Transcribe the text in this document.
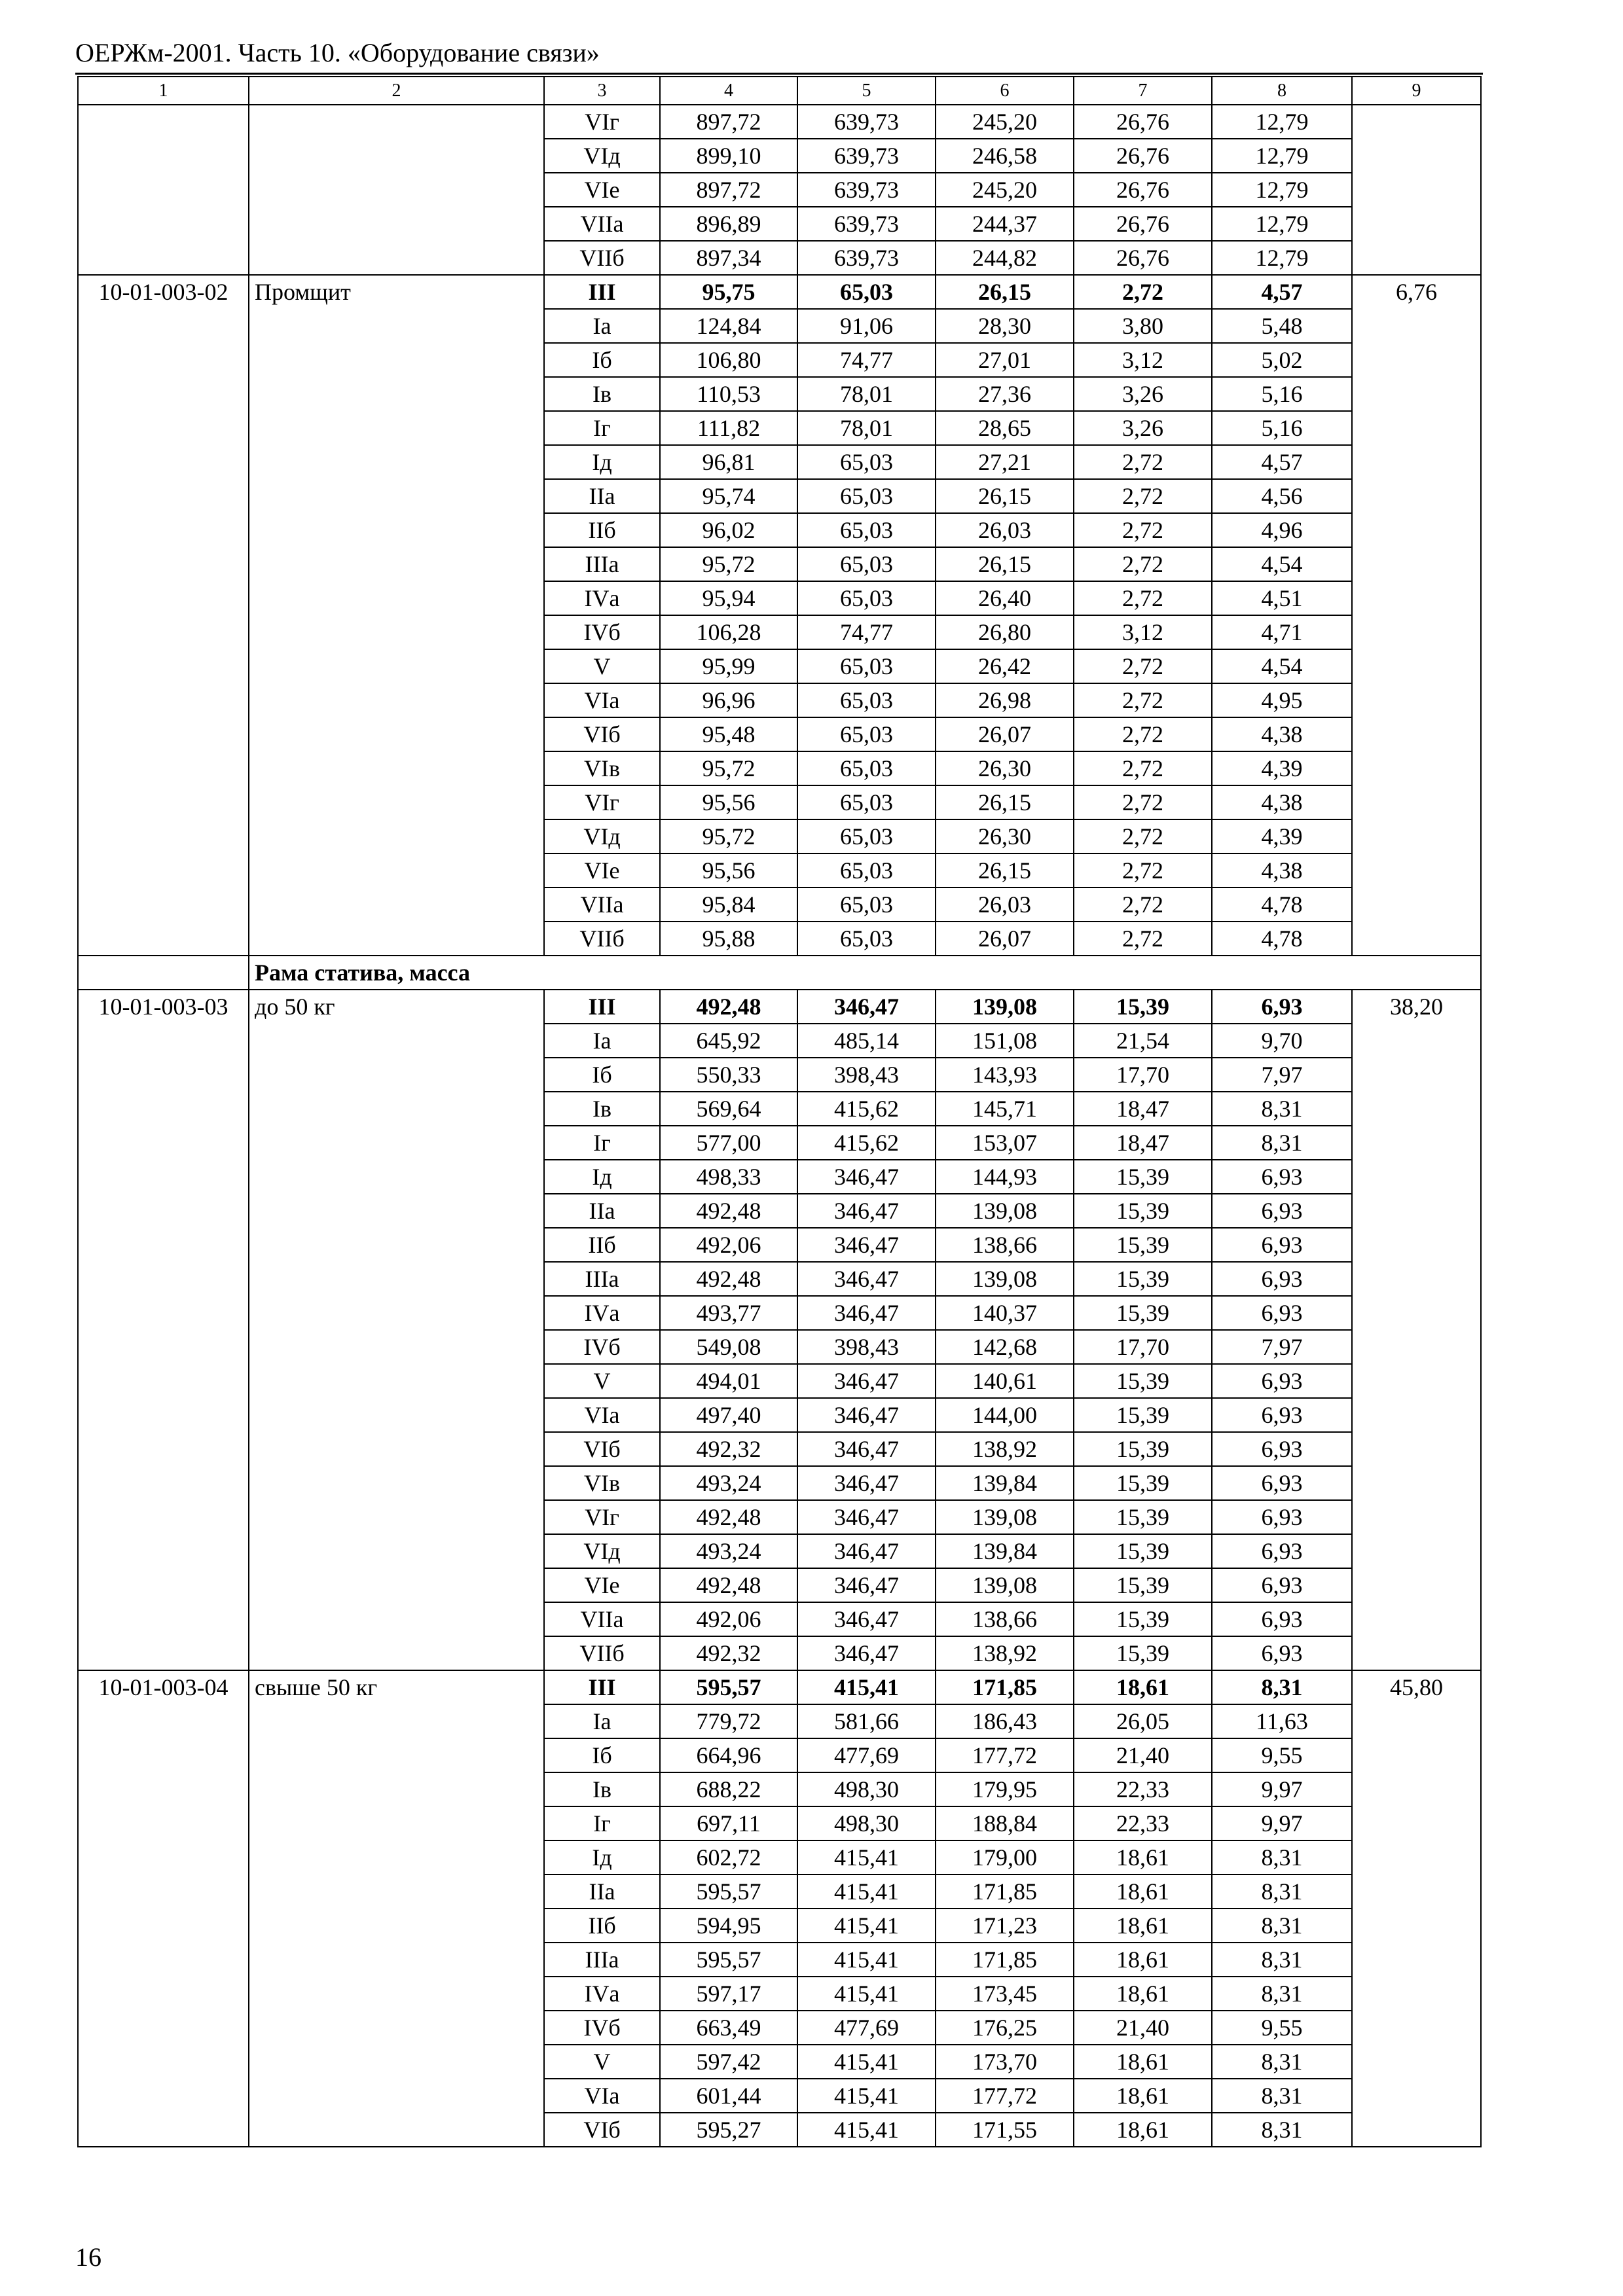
ОЕРЖм-2001. Часть 10. «Оборудование связи»
1	2	3	4	5	6	7	8	9
		VIг	897,72	639,73	245,20	26,76	12,79	
		VIд	899,10	639,73	246,58	26,76	12,79	
		VIе	897,72	639,73	245,20	26,76	12,79	
		VIIа	896,89	639,73	244,37	26,76	12,79	
		VIIб	897,34	639,73	244,82	26,76	12,79	
10-01-003-02	Промщит	III	95,75	65,03	26,15	2,72	4,57	6,76
		Iа	124,84	91,06	28,30	3,80	5,48	
		Iб	106,80	74,77	27,01	3,12	5,02	
		Iв	110,53	78,01	27,36	3,26	5,16	
		Iг	111,82	78,01	28,65	3,26	5,16	
		Iд	96,81	65,03	27,21	2,72	4,57	
		IIа	95,74	65,03	26,15	2,72	4,56	
		IIб	96,02	65,03	26,03	2,72	4,96	
		IIIа	95,72	65,03	26,15	2,72	4,54	
		IVа	95,94	65,03	26,40	2,72	4,51	
		IVб	106,28	74,77	26,80	3,12	4,71	
		V	95,99	65,03	26,42	2,72	4,54	
		VIа	96,96	65,03	26,98	2,72	4,95	
		VIб	95,48	65,03	26,07	2,72	4,38	
		VIв	95,72	65,03	26,30	2,72	4,39	
		VIг	95,56	65,03	26,15	2,72	4,38	
		VIд	95,72	65,03	26,30	2,72	4,39	
		VIе	95,56	65,03	26,15	2,72	4,38	
		VIIа	95,84	65,03	26,03	2,72	4,78	
		VIIб	95,88	65,03	26,07	2,72	4,78	
	Рама статива, масса							
10-01-003-03	до 50 кг	III	492,48	346,47	139,08	15,39	6,93	38,20
		Iа	645,92	485,14	151,08	21,54	9,70	
		Iб	550,33	398,43	143,93	17,70	7,97	
		Iв	569,64	415,62	145,71	18,47	8,31	
		Iг	577,00	415,62	153,07	18,47	8,31	
		Iд	498,33	346,47	144,93	15,39	6,93	
		IIа	492,48	346,47	139,08	15,39	6,93	
		IIб	492,06	346,47	138,66	15,39	6,93	
		IIIа	492,48	346,47	139,08	15,39	6,93	
		IVа	493,77	346,47	140,37	15,39	6,93	
		IVб	549,08	398,43	142,68	17,70	7,97	
		V	494,01	346,47	140,61	15,39	6,93	
		VIа	497,40	346,47	144,00	15,39	6,93	
		VIб	492,32	346,47	138,92	15,39	6,93	
		VIв	493,24	346,47	139,84	15,39	6,93	
		VIг	492,48	346,47	139,08	15,39	6,93	
		VIд	493,24	346,47	139,84	15,39	6,93	
		VIе	492,48	346,47	139,08	15,39	6,93	
		VIIа	492,06	346,47	138,66	15,39	6,93	
		VIIб	492,32	346,47	138,92	15,39	6,93	
10-01-003-04	свыше 50 кг	III	595,57	415,41	171,85	18,61	8,31	45,80
		Iа	779,72	581,66	186,43	26,05	11,63	
		Iб	664,96	477,69	177,72	21,40	9,55	
		Iв	688,22	498,30	179,95	22,33	9,97	
		Iг	697,11	498,30	188,84	22,33	9,97	
		Iд	602,72	415,41	179,00	18,61	8,31	
		IIа	595,57	415,41	171,85	18,61	8,31	
		IIб	594,95	415,41	171,23	18,61	8,31	
		IIIа	595,57	415,41	171,85	18,61	8,31	
		IVа	597,17	415,41	173,45	18,61	8,31	
		IVб	663,49	477,69	176,25	21,40	9,55	
		V	597,42	415,41	173,70	18,61	8,31	
		VIа	601,44	415,41	177,72	18,61	8,31	
		VIб	595,27	415,41	171,55	18,61	8,31	
16
